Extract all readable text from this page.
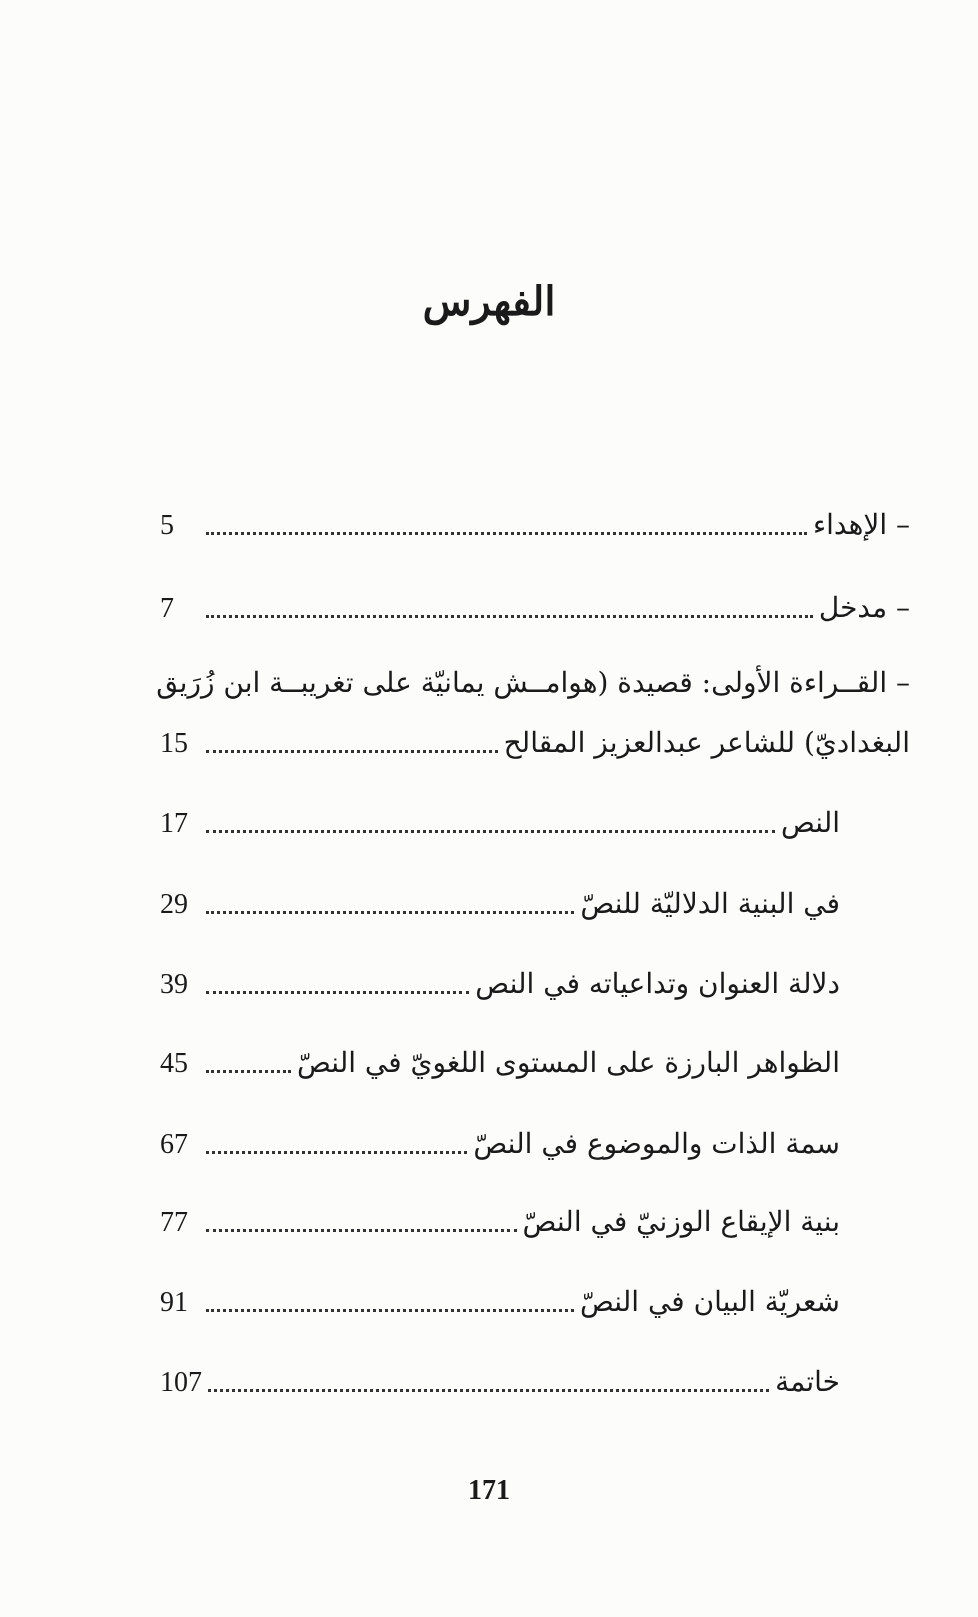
الفهرس
– الإهداء
5
– مدخل
7
– القــراءة الأولى: قصيدة (هوامــش يمانيّة على تغريبــة ابن زُرَيق
البغداديّ) للشاعر عبدالعزيز المقالح
15
النص
17
في البنية الدلاليّة للنصّ
29
دلالة العنوان وتداعياته في النص
39
الظواهر البارزة على المستوى اللغويّ في النصّ
45
سمة الذات والموضوع في النصّ
67
بنية الإيقاع الوزنيّ في النصّ
77
شعريّة البيان في النصّ
91
خاتمة
107
171
